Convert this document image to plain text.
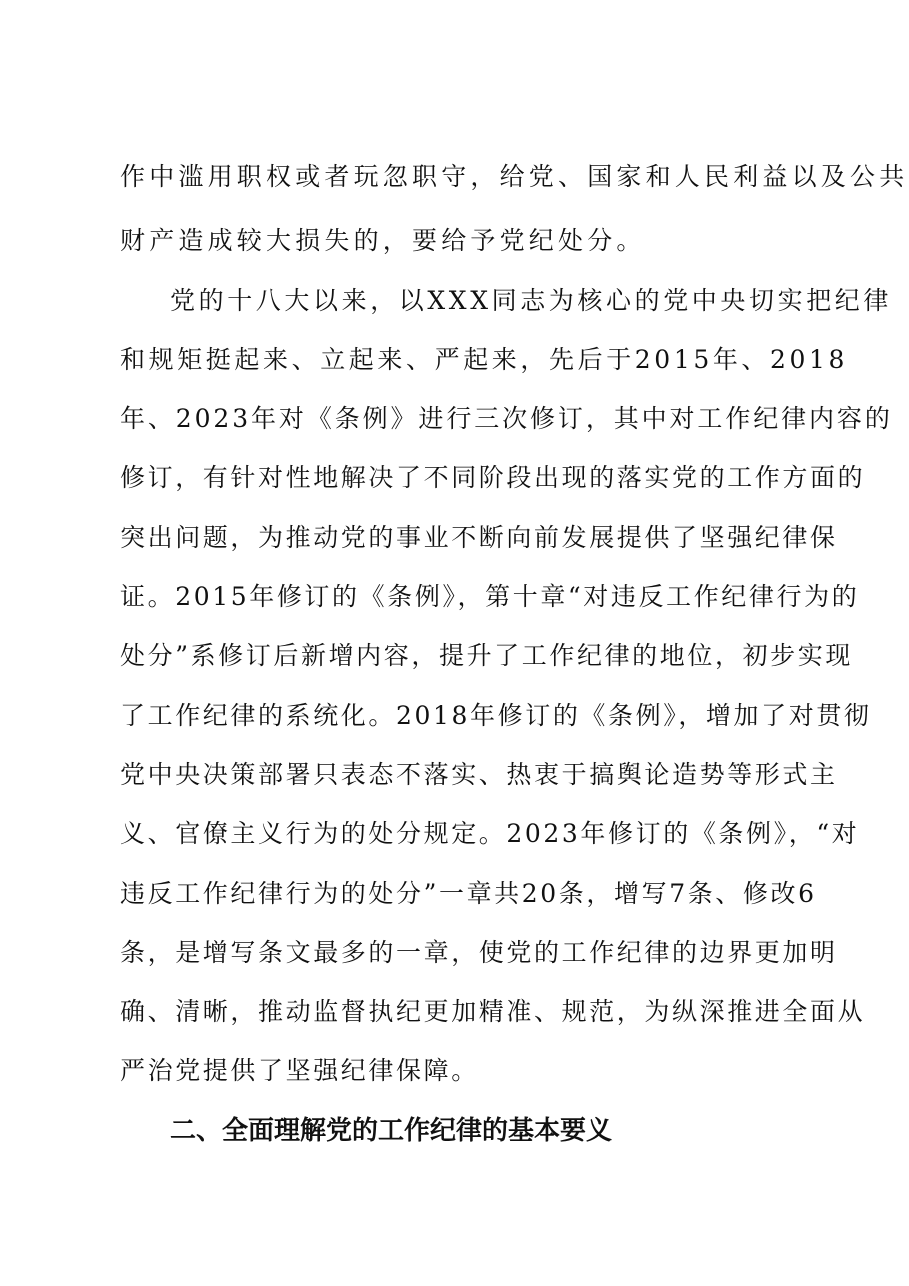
作中滥用职权或者玩忽职守，给党、国家和人民利益以及公共
财产造成较大损失的，要给予党纪处分。
党的十八大以来，以XXX同志为核心的党中央切实把纪律
和规矩挺起来、立起来、严起来，先后于2015年、2018
年、2023年对《条例》进行三次修订，其中对工作纪律内容的
修订，有针对性地解决了不同阶段出现的落实党的工作方面的
突出问题，为推动党的事业不断向前发展提供了坚强纪律保
证。2015年修订的《条例》，第十章“对违反工作纪律行为的
处分”系修订后新增内容，提升了工作纪律的地位，初步实现
了工作纪律的系统化。2018年修订的《条例》，增加了对贯彻
党中央决策部署只表态不落实、热衷于搞舆论造势等形式主
义、官僚主义行为的处分规定。2023年修订的《条例》，“对
违反工作纪律行为的处分”一章共20条，增写7条、修改6
条，是增写条文最多的一章，使党的工作纪律的边界更加明
确、清晰，推动监督执纪更加精准、规范，为纵深推进全面从
严治党提供了坚强纪律保障。
二、全面理解党的工作纪律的基本要义
